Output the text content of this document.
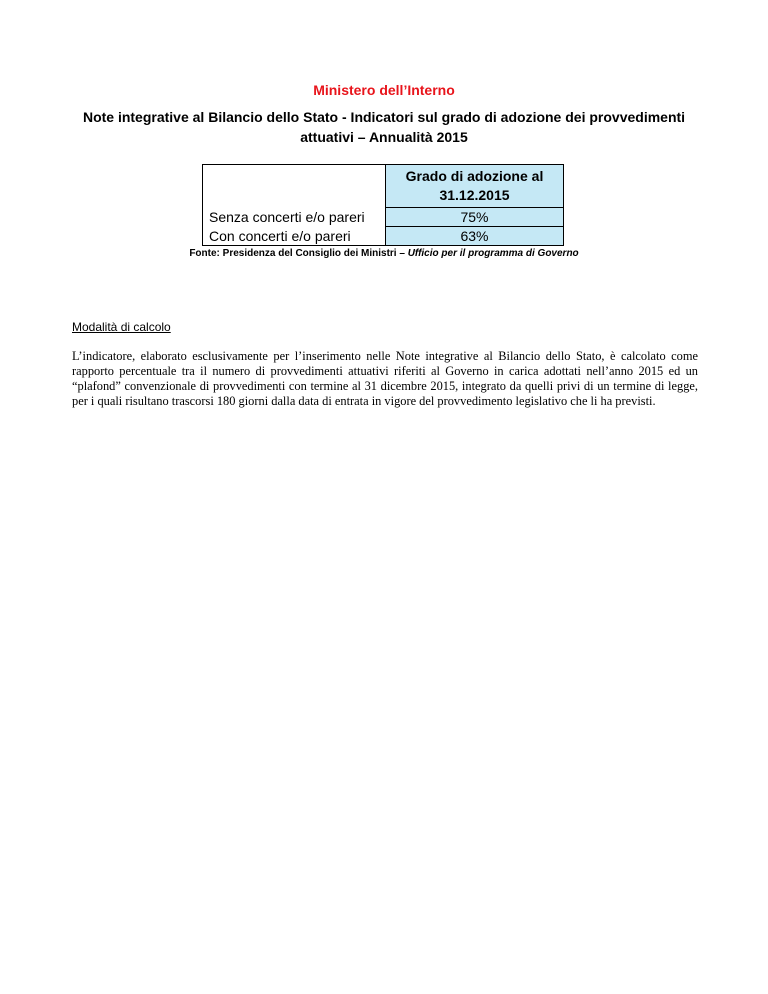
Ministero dell’Interno
Note integrative al Bilancio dello Stato - Indicatori sul grado di adozione dei provvedimenti attuativi – Annualità 2015
	Grado di adozione al 31.12.2015
Senza concerti e/o pareri	75%
Con concerti e/o pareri	63%
Fonte: Presidenza del Consiglio dei Ministri – Ufficio per il programma di Governo
Modalità di calcolo
L’indicatore, elaborato esclusivamente per l’inserimento nelle Note integrative al Bilancio dello Stato, è calcolato come rapporto percentuale tra il numero di provvedimenti attuativi riferiti al Governo in carica adottati nell’anno 2015 ed un “plafond” convenzionale di provvedimenti con termine al 31 dicembre 2015, integrato da quelli privi di un termine di legge, per i quali risultano trascorsi 180 giorni dalla data di entrata in vigore del provvedimento legislativo che li ha previsti.
